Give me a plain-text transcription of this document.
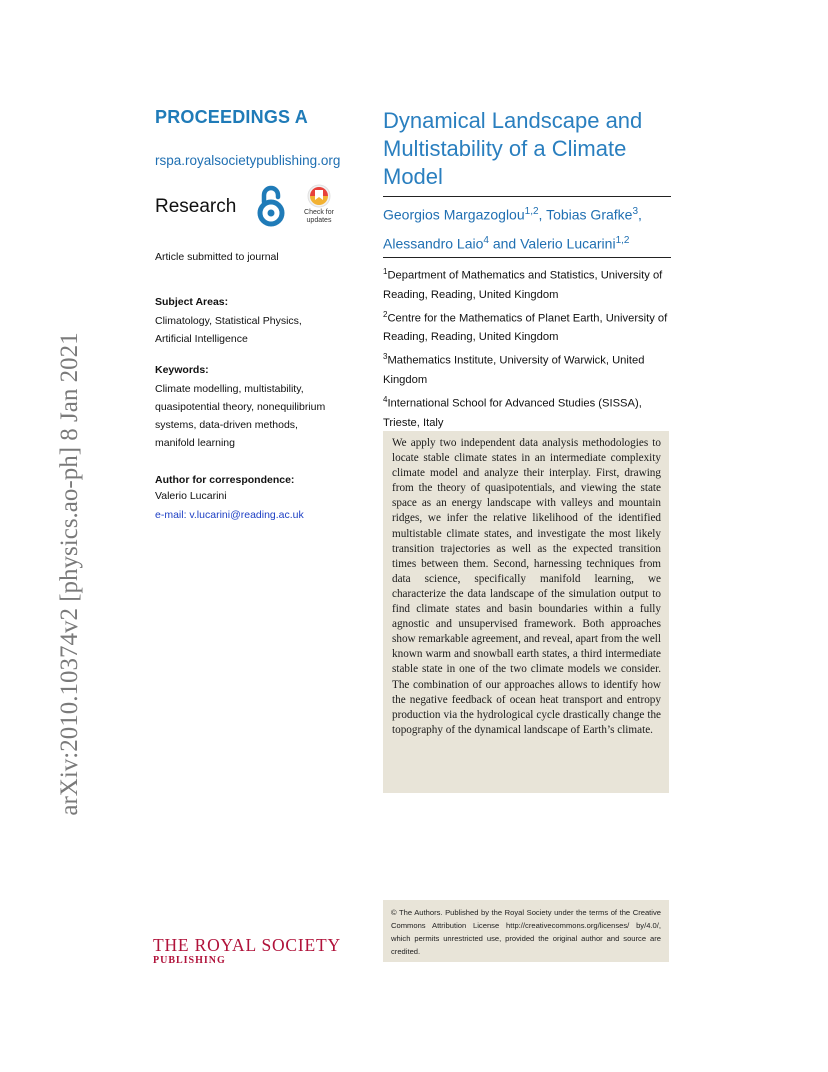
arXiv:2010.10374v2 [physics.ao-ph] 8 Jan 2021
PROCEEDINGS A
rspa.royalsocietypublishing.org
Research	Check for
updates
Article submitted to journal
Subject Areas:
Climatology, Statistical Physics,
Artificial Intelligence
Keywords:
Climate modelling, multistability,
quasipotential theory, nonequilibrium
systems, data-driven methods,
manifold learning
Author for correspondence:
Valerio Lucarini
e-mail: v.lucarini@reading.ac.uk
THE ROYAL SOCIETY
PUBLISHING
Dynamical Landscape and
Multistability of a Climate
Model
Georgios Margazoglou$^{1,2}$, Tobias Grafke$^3$,
Alessandro Laio$^4$ and Valerio Lucarini$^{1,2}$
$^1$Department of Mathematics and Statistics, University of Reading, Reading, United Kingdom
$^2$Centre for the Mathematics of Planet Earth, University of Reading, Reading, United Kingdom
$^3$Mathematics Institute, University of Warwick, United Kingdom
$^4$International School for Advanced Studies (SISSA), Trieste, Italy

We apply two independent data analysis methodologies to locate stable climate states in an intermediate complexity climate model and analyze their interplay. First, drawing from the theory of quasipotentials, and viewing the state space as an energy landscape with valleys and mountain ridges, we infer the relative likelihood of the identified multistable climate states, and investigate the most likely transition trajectories as well as the expected transition times between them. Second, harnessing techniques from data science, specifically manifold learning, we characterize the data landscape of the simulation output to find climate states and basin boundaries within a fully agnostic and unsupervised framework. Both approaches show remarkable agreement, and reveal, apart from the well known warm and snowball earth states, a third intermediate stable state in one of the two climate models we consider. The combination of our approaches allows to identify how the negative feedback of ocean heat transport and entropy production via the hydrological cycle drastically change the topography of the dynamical landscape of Earth’s climate.

© The Authors. Published by the Royal Society under the terms of the Creative Commons Attribution License http://creativecommons.org/licenses/ by/4.0/, which permits unrestricted use, provided the original author and source are credited.
